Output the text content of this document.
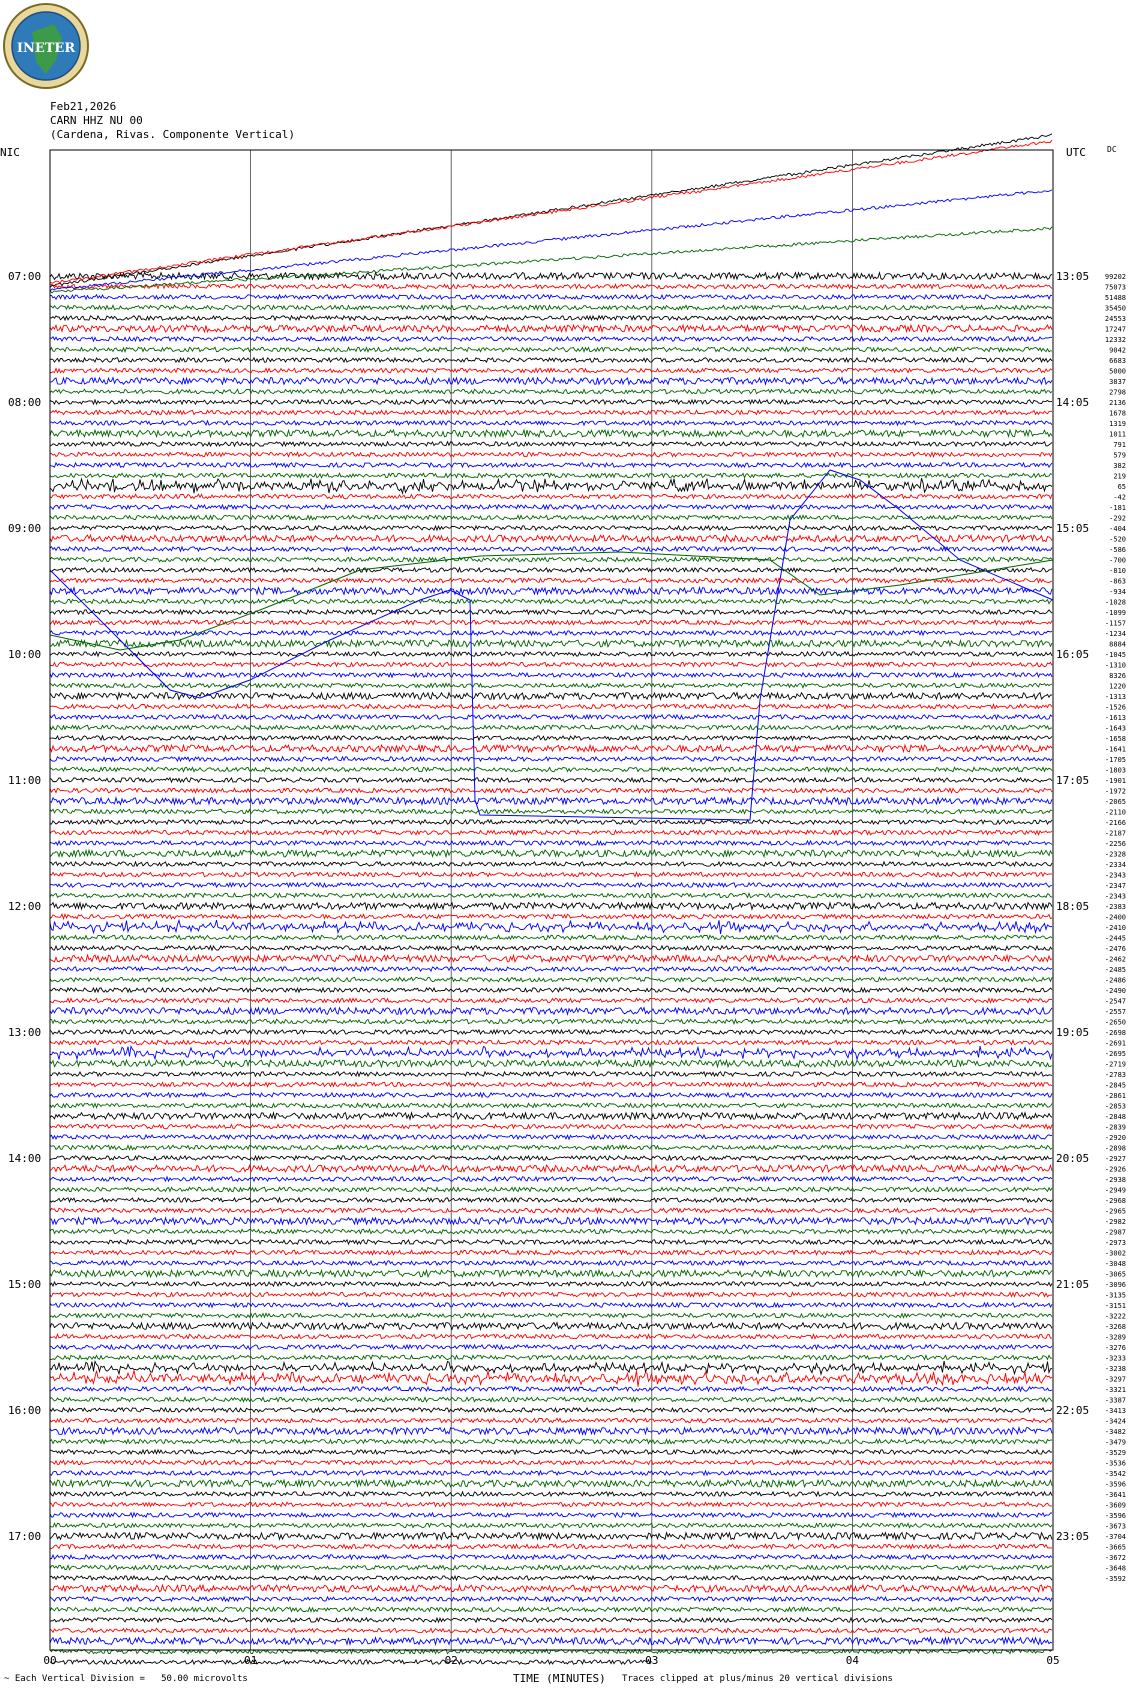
07:00
08:00
09:00
10:00
11:00
12:00
13:00
14:00
15:00
16:00
17:00
13:05
14:05
15:05
16:05
17:05
18:05
19:05
20:05
21:05
22:05
23:05
99202
75073
51488
35450
24553
17247
12332
9042
6683
5000
3837
2798
2136
1678
1319
1011
791
579
382
219
65
-42
-181
-292
-404
-520
-586
-700
-810
-863
-934
-1028
-1099
-1157
-1234
8884
-1045
-1310
8326
1220
-1313
-1526
-1613
-1643
-1658
-1641
-1705
-1803
-1901
-1972
-2065
-2110
-2166
-2187
-2256
-2328
-2334
-2343
-2347
-2343
-2383
-2400
-2410
-2445
-2476
-2462
-2485
-2486
-2490
-2547
-2557
-2650
-2698
-2691
-2695
-2719
-2783
-2845
-2861
-2853
-2848
-2839
-2920
-2898
-2927
-2926
-2938
-2949
-2968
-2965
-2982
-2987
-2973
-3002
-3048
-3065
-3096
-3135
-3151
-3222
-3268
-3289
-3276
-3233
-3238
-3297
-3321
-3387
-3413
-3424
-3482
-3479
-3529
-3536
-3542
-3596
-3641
-3609
-3596
-3673
-3704
-3665
-3672
-3648
-3592
00	01	02	03	04	05
INETER
Feb21,2026
CARN HHZ NU 00
(Cardena, Rivas. Componente Vertical)
NIC	UTC	DC
~ Each Vertical Division =   50.00 microvolts	TIME (MINUTES) Traces clipped at plus/minus 20 vertical divisions
